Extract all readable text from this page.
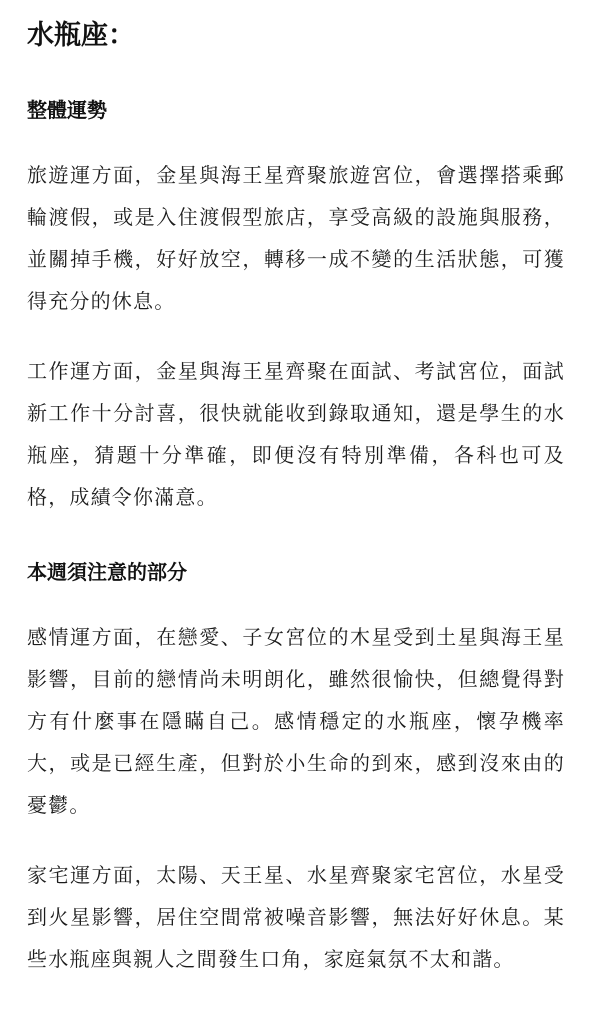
水瓶座：
整體運勢

旅遊運方面，金星與海王星齊聚旅遊宮位，會選擇搭乘郵輪渡假，或是入住渡假型旅店，享受高級的設施與服務，並關掉手機，好好放空，轉移一成不變的生活狀態，可獲得充分的休息。

工作運方面，金星與海王星齊聚在面試、考試宮位，面試新工作十分討喜，很快就能收到錄取通知，還是學生的水瓶座，猜題十分準確，即便沒有特別準備，各科也可及格，成績令你滿意。

本週須注意的部分

感情運方面，在戀愛、子女宮位的木星受到土星與海王星影響，目前的戀情尚未明朗化，雖然很愉快，但總覺得對方有什麼事在隱瞞自己。感情穩定的水瓶座，懷孕機率大，或是已經生產，但對於小生命的到來，感到沒來由的憂鬱。

家宅運方面，太陽、天王星、水星齊聚家宅宮位，水星受到火星影響，居住空間常被噪音影響，無法好好休息。某些水瓶座與親人之間發生口角，家庭氣氛不太和諧。
